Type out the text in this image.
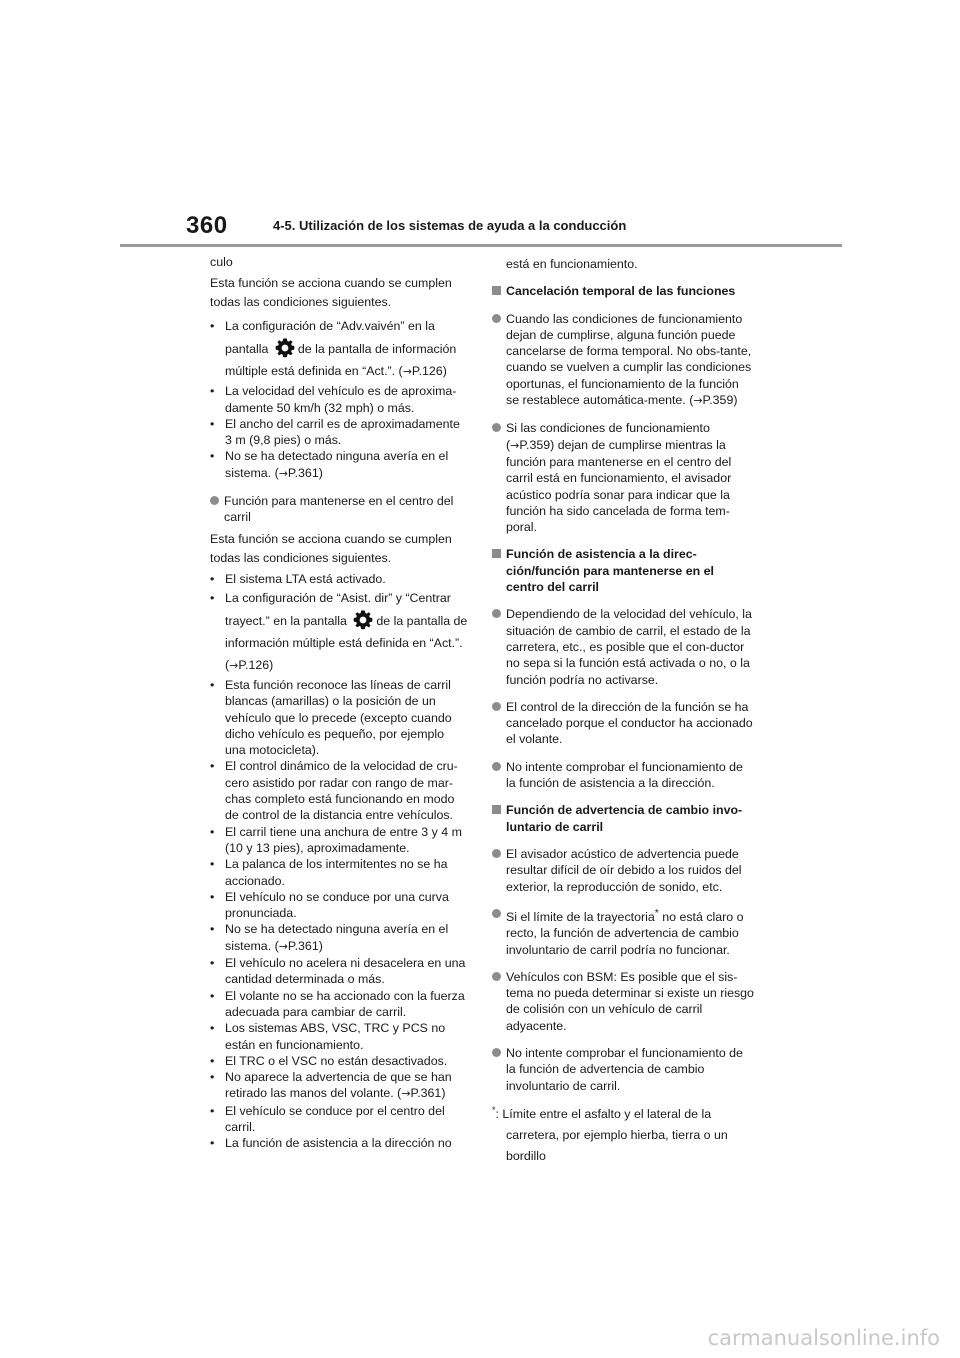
360	4-5. Utilización de los sistemas de ayuda a la conducción

culo

Esta función se acciona cuando se cumplen
todas las condiciones siguientes.

• La configuración de “Adv.vaivén” en la
pantalla de la pantalla de información múltiple está definida en “Act.”. (→P.126)

• La velocidad del vehículo es de aproxima-damente 50 km/h (32 mph) o más.

• El ancho del carril es de aproximadamente 3 m (9,8 pies) o más.

• No se ha detectado ninguna avería en el sistema. (→P.361)

Función para mantenerse en el centro del carril

Esta función se acciona cuando se cumplen
todas las condiciones siguientes.

• El sistema LTA está activado.

• La configuración de “Asist. dir” y “Centrar
trayect.” en la pantalla de la pantalla de información múltiple está definida en “Act.”. (→P.126)

• Esta función reconoce las líneas de carril blancas (amarillas) o la posición de un vehículo que lo precede (excepto cuando dicho vehículo es pequeño, por ejemplo una motocicleta).

• El control dinámico de la velocidad de cru-cero asistido por radar con rango de mar-chas completo está funcionando en modo de control de la distancia entre vehículos.

• El carril tiene una anchura de entre 3 y 4 m (10 y 13 pies), aproximadamente.

• La palanca de los intermitentes no se ha accionado.

• El vehículo no se conduce por una curva pronunciada.

• No se ha detectado ninguna avería en el sistema. (→P.361)

• El vehículo no acelera ni desacelera en una cantidad determinada o más.

• El volante no se ha accionado con la fuerza adecuada para cambiar de carril.

• Los sistemas ABS, VSC, TRC y PCS no están en funcionamiento.

• El TRC o el VSC no están desactivados.

• No aparece la advertencia de que se han retirado las manos del volante. (→P.361)

• El vehículo se conduce por el centro del carril.

• La función de asistencia a la dirección no

está en funcionamiento.

Cancelación temporal de las funciones
Cuando las condiciones de funcionamiento dejan de cumplirse, alguna función puede cancelarse de forma temporal. No obs-tante, cuando se vuelven a cumplir las condiciones oportunas, el funcionamiento de la función se restablece automática-mente. (→P.359)
Si las condiciones de funcionamiento (→P.359) dejan de cumplirse mientras la función para mantenerse en el centro del carril está en funcionamiento, el avisador acústico podría sonar para indicar que la función ha sido cancelada de forma tem-poral.
Función de asistencia a la direc-ción/función para mantenerse en el centro del carril
Dependiendo de la velocidad del vehículo, la situación de cambio de carril, el estado de la carretera, etc., es posible que el con-ductor no sepa si la función está activada o no, o la función podría no activarse.
El control de la dirección de la función se ha cancelado porque el conductor ha accionado el volante.
No intente comprobar el funcionamiento de la función de asistencia a la dirección.
Función de advertencia de cambio invo-luntario de carril
El avisador acústico de advertencia puede resultar difícil de oír debido a los ruidos del exterior, la reproducción de sonido, etc.
Si el límite de la trayectoria* no está claro o recto, la función de advertencia de cambio involuntario de carril podría no funcionar.
Vehículos con BSM: Es posible que el sis-tema no pueda determinar si existe un riesgo de colisión con un vehículo de carril adyacente.
No intente comprobar el funcionamiento de la función de advertencia de cambio involuntario de carril.

*: Límite entre el asfalto y el lateral de la carretera, por ejemplo hierba, tierra o un bordillo

carmanualsonline.info
